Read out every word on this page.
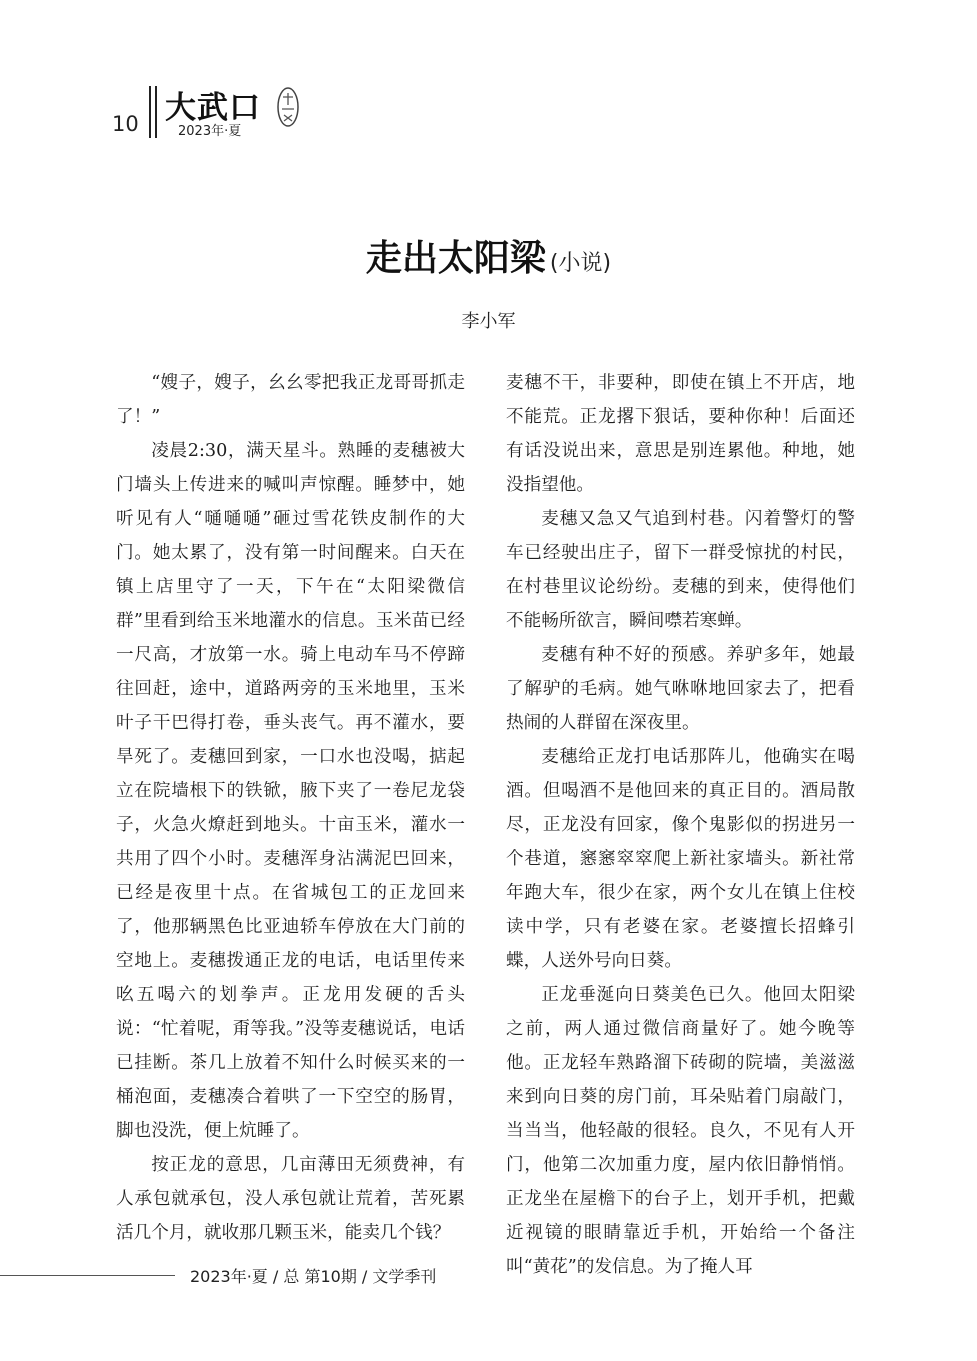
10 大武口
2023年·夏
走出太阳梁 (小说)
李小军

“嫂子，嫂子，幺幺零把我正龙哥哥抓走了！”

凌晨2:30，满天星斗。熟睡的麦穗被大门墙头上传进来的喊叫声惊醒。睡梦中，她听见有人“嗵嗵嗵”砸过雪花铁皮制作的大门。她太累了，没有第一时间醒来。白天在镇上店里守了一天，下午在“太阳梁微信群”里看到给玉米地灌水的信息。玉米苗已经一尺高，才放第一水。骑上电动车马不停蹄往回赶，途中，道路两旁的玉米地里，玉米叶子干巴得打卷，垂头丧气。再不灌水，要旱死了。麦穗回到家，一口水也没喝，掂起立在院墙根下的铁锨，腋下夹了一卷尼龙袋子，火急火燎赶到地头。十亩玉米，灌水一共用了四个小时。麦穗浑身沾满泥巴回来，已经是夜里十点。在省城包工的正龙回来了，他那辆黑色比亚迪轿车停放在大门前的空地上。麦穗拨通正龙的电话，电话里传来吆五喝六的划拳声。正龙用发硬的舌头说：“忙着呢，甭等我。”没等麦穗说话，电话已挂断。茶几上放着不知什么时候买来的一桶泡面，麦穗凑合着哄了一下空空的肠胃，脚也没洗，便上炕睡了。

按正龙的意思，几亩薄田无须费神，有人承包就承包，没人承包就让荒着，苦死累活几个月，就收那几颗玉米，能卖几个钱？

麦穗不干，非要种，即使在镇上不开店，地不能荒。正龙撂下狠话，要种你种！后面还有话没说出来，意思是别连累他。种地，她没指望他。

麦穗又急又气追到村巷。闪着警灯的警车已经驶出庄子，留下一群受惊扰的村民，在村巷里议论纷纷。麦穗的到来，使得他们不能畅所欲言，瞬间噤若寒蝉。

麦穗有种不好的预感。养驴多年，她最了解驴的毛病。她气咻咻地回家去了，把看热闹的人群留在深夜里。

麦穗给正龙打电话那阵儿，他确实在喝酒。但喝酒不是他回来的真正目的。酒局散尽，正龙没有回家，像个鬼影似的拐进另一个巷道，窸窸窣窣爬上新社家墙头。新社常年跑大车，很少在家，两个女儿在镇上住校读中学，只有老婆在家。老婆擅长招蜂引蝶，人送外号向日葵。

正龙垂涎向日葵美色已久。他回太阳梁之前，两人通过微信商量好了。她今晚等他。正龙轻车熟路溜下砖砌的院墙，美滋滋来到向日葵的房门前，耳朵贴着门扇敲门，当当当，他轻敲的很轻。良久，不见有人开门，他第二次加重力度，屋内依旧静悄悄。正龙坐在屋檐下的台子上，划开手机，把戴近视镜的眼睛靠近手机，开始给一个备注叫“黄花”的发信息。为了掩人耳

2023年·夏 / 总 第10期 / 文学季刊
